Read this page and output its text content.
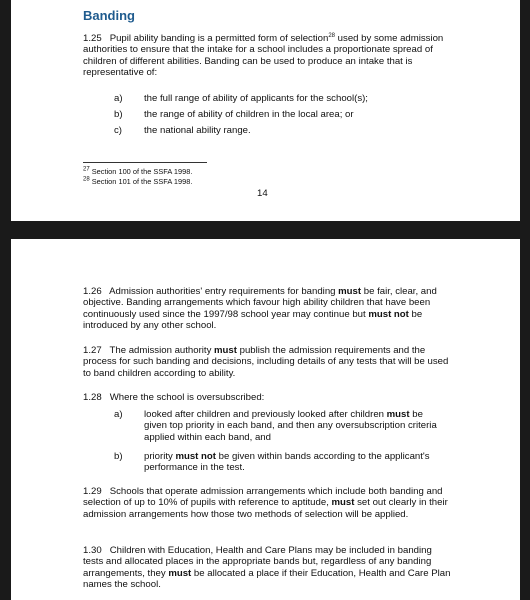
Banding
1.25 Pupil ability banding is a permitted form of selection$^{28}$ used by some admission authorities to ensure that the intake for a school includes a proportionate spread of children of different abilities. Banding can be used to produce an intake that is representative of:
a) the full range of ability of applicants for the school(s);
b) the range of ability of children in the local area; or
c) the national ability range.
$^{27}$ Section 100 of the SSFA 1998.
$^{28}$ Section 101 of the SSFA 1998.
14
1.26 Admission authorities' entry requirements for banding must be fair, clear, and objective. Banding arrangements which favour high ability children that have been continuously used since the 1997/98 school year may continue but must not be introduced by any other school.
1.27 The admission authority must publish the admission requirements and the process for such banding and decisions, including details of any tests that will be used to band children according to ability.
1.28 Where the school is oversubscribed:
a) looked after children and previously looked after children must be given top priority in each band, and then any oversubscription criteria applied within each band, and
b) priority must not be given within bands according to the applicant's performance in the test.
1.29 Schools that operate admission arrangements which include both banding and selection of up to 10% of pupils with reference to aptitude, must set out clearly in their admission arrangements how those two methods of selection will be applied.
1.30 Children with Education, Health and Care Plans may be included in banding tests and allocated places in the appropriate bands but, regardless of any banding arrangements, they must be allocated a place if their Education, Health and Care Plan names the school.
